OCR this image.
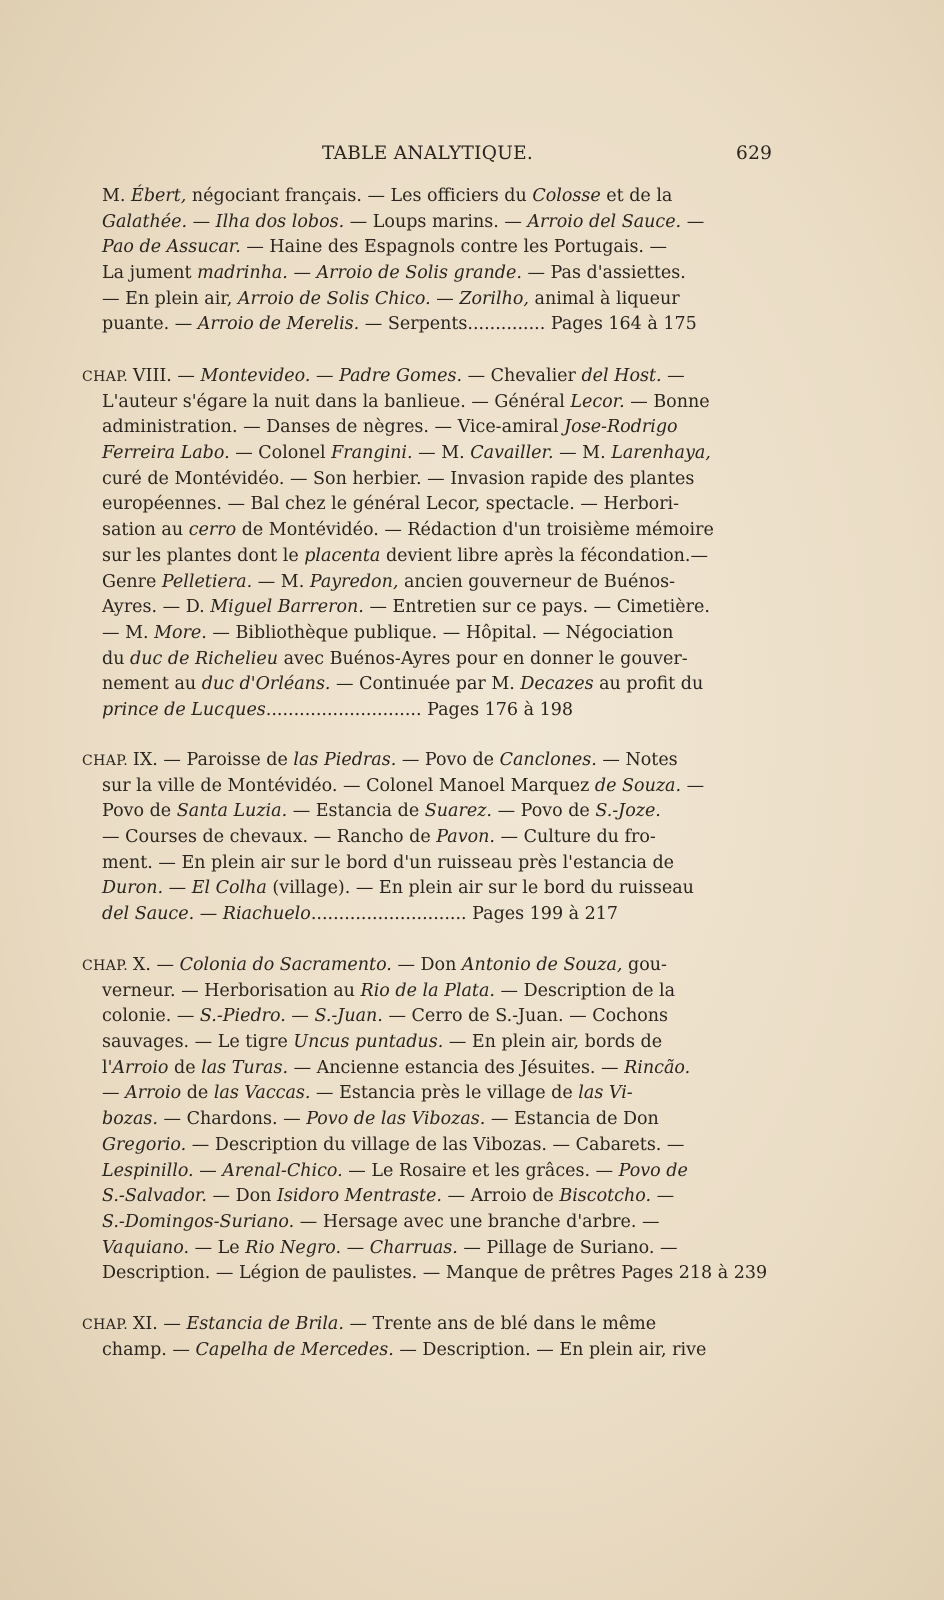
TABLE ANALYTIQUE.	629
M. Ébert, négociant français. — Les officiers du Colosse et de la
Galathée. — Ilha dos lobos. — Loups marins. — Arroio del Sauce. —
Pao de Assucar. — Haine des Espagnols contre les Portugais. —
La jument madrinha. — Arroio de Solis grande. — Pas d'assiettes.
— En plein air, Arroio de Solis Chico. — Zorilho, animal à liqueur
puante. — Arroio de Merelis. — Serpents.............. Pages 164 à 175
CHAP. VIII. — Montevideo. — Padre Gomes. — Chevalier del Host. —
L'auteur s'égare la nuit dans la banlieue. — Général Lecor. — Bonne
administration. — Danses de nègres. — Vice-amiral Jose-Rodrigo
Ferreira Labo. — Colonel Frangini. — M. Cavailler. — M. Larenhaya,
curé de Montévidéo. — Son herbier. — Invasion rapide des plantes
européennes. — Bal chez le général Lecor, spectacle. — Herbori-
sation au cerro de Montévidéo. — Rédaction d'un troisième mémoire
sur les plantes dont le placenta devient libre après la fécondation.—
Genre Pelletiera. — M. Payredon, ancien gouverneur de Buénos-
Ayres. — D. Miguel Barreron. — Entretien sur ce pays. — Cimetière.
— M. More. — Bibliothèque publique. — Hôpital. — Négociation
du duc de Richelieu avec Buénos-Ayres pour en donner le gouver-
nement au duc d'Orléans. — Continuée par M. Decazes au profit du
prince de Lucques............................ Pages 176 à 198
CHAP. IX. — Paroisse de las Piedras. — Povo de Canclones. — Notes
sur la ville de Montévidéo. — Colonel Manoel Marquez de Souza. —
Povo de Santa Luzia. — Estancia de Suarez. — Povo de S.-Joze.
— Courses de chevaux. — Rancho de Pavon. — Culture du fro-
ment. — En plein air sur le bord d'un ruisseau près l'estancia de
Duron. — El Colha (village). — En plein air sur le bord du ruisseau
del Sauce. — Riachuelo............................ Pages 199 à 217
CHAP. X. — Colonia do Sacramento. — Don Antonio de Souza, gou-
verneur. — Herborisation au Rio de la Plata. — Description de la
colonie. — S.-Piedro. — S.-Juan. — Cerro de S.-Juan. — Cochons
sauvages. — Le tigre Uncus puntadus. — En plein air, bords de
l'Arroio de las Turas. — Ancienne estancia des Jésuites. — Rincão.
— Arroio de las Vaccas. — Estancia près le village de las Vi-
bozas. — Chardons. — Povo de las Vibozas. — Estancia de Don
Gregorio. — Description du village de las Vibozas. — Cabarets. —
Lespinillo. — Arenal-Chico. — Le Rosaire et les grâces. — Povo de
S.-Salvador. — Don Isidoro Mentraste. — Arroio de Biscotcho. —
S.-Domingos-Suriano. — Hersage avec une branche d'arbre. —
Vaquiano. — Le Rio Negro. — Charruas. — Pillage de Suriano. —
Description. — Légion de paulistes. — Manque de prêtres Pages 218 à 239
CHAP. XI. — Estancia de Brila. — Trente ans de blé dans le même
champ. — Capelha de Mercedes. — Description. — En plein air, rive
